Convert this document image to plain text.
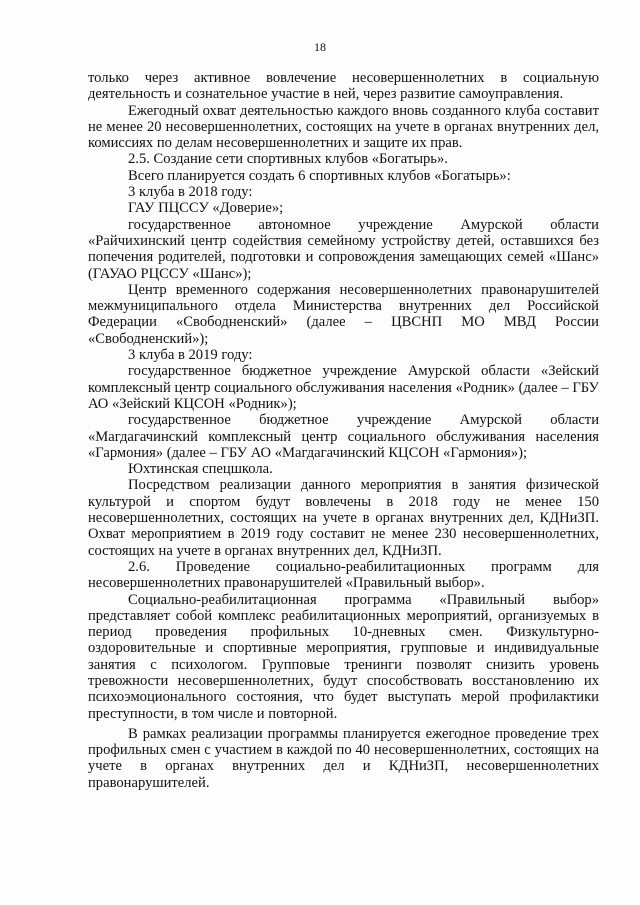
18

только через активное вовлечение несовершеннолетних в социальную деятельность и сознательное участие в ней, через развитие самоуправления.

Ежегодный охват деятельностью каждого вновь созданного клуба составит не менее 20 несовершеннолетних, состоящих на учете в органах внутренних дел, комиссиях по делам несовершеннолетних и защите их прав.

2.5. Создание сети спортивных клубов «Богатырь».

Всего планируется создать 6 спортивных клубов «Богатырь»:

3 клуба в 2018 году:

ГАУ ПЦССУ «Доверие»;

государственное автономное учреждение Амурской области «Райчихинский центр содействия семейному устройству детей, оставшихся без попечения родителей, подготовки и сопровождения замещающих семей «Шанс» (ГАУАО РЦССУ «Шанс»);

Центр временного содержания несовершеннолетних правонарушителей межмуниципального отдела Министерства внутренних дел Российской Федерации «Свободненский» (далее – ЦВСНП МО МВД России «Свободненский»);

3 клуба в 2019 году:

государственное бюджетное учреждение Амурской области «Зейский комплексный центр социального обслуживания населения «Родник» (далее – ГБУ АО «Зейский КЦСОН «Родник»);

государственное бюджетное учреждение Амурской области «Магдагачинский комплексный центр социального обслуживания населения «Гармония» (далее – ГБУ АО «Магдагачинский КЦСОН «Гармония»);

Юхтинская спецшкола.

Посредством реализации данного мероприятия в занятия физической культурой и спортом будут вовлечены в 2018 году не менее 150 несовершеннолетних, состоящих на учете в органах внутренних дел, КДНиЗП. Охват мероприятием в 2019 году составит не менее 230 несовершеннолетних, состоящих на учете в органах внутренних дел, КДНиЗП.

2.6. Проведение социально-реабилитационных программ для несовершеннолетних правонарушителей «Правильный выбор».

Социально-реабилитационная программа «Правильный выбор» представляет собой комплекс реабилитационных мероприятий, организуемых в период проведения профильных 10-дневных смен. Физкультурно-оздоровительные и спортивные мероприятия, групповые и индивидуальные занятия с психологом. Групповые тренинги позволят снизить уровень тревожности несовершеннолетних, будут способствовать восстановлению их психоэмоционального состояния, что будет выступать мерой профилактики преступности, в том числе и повторной.

В рамках реализации программы планируется ежегодное проведение трех профильных смен с участием в каждой по 40 несовершеннолетних, состоящих на учете в органах внутренних дел и КДНиЗП, несовершеннолетних правонарушителей.
